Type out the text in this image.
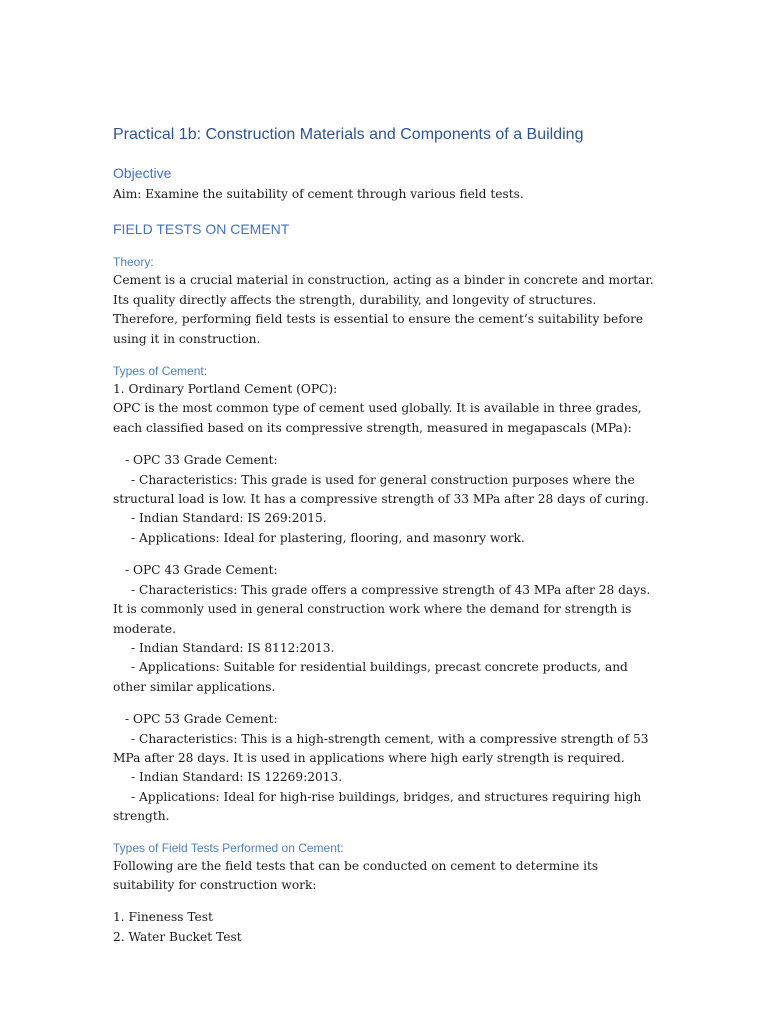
Practical 1b: Construction Materials and Components of a Building
Objective
Aim: Examine the suitability of cement through various field tests.
FIELD TESTS ON CEMENT
Theory:
Cement is a crucial material in construction, acting as a binder in concrete and mortar. Its quality directly affects the strength, durability, and longevity of structures. Therefore, performing field tests is essential to ensure the cement’s suitability before using it in construction.
Types of Cement:
1. Ordinary Portland Cement (OPC):
OPC is the most common type of cement used globally. It is available in three grades, each classified based on its compressive strength, measured in megapascals (MPa):
- OPC 33 Grade Cement:
- Characteristics: This grade is used for general construction purposes where the structural load is low. It has a compressive strength of 33 MPa after 28 days of curing.
- Indian Standard: IS 269:2015.
- Applications: Ideal for plastering, flooring, and masonry work.
- OPC 43 Grade Cement:
- Characteristics: This grade offers a compressive strength of 43 MPa after 28 days. It is commonly used in general construction work where the demand for strength is moderate.
- Indian Standard: IS 8112:2013.
- Applications: Suitable for residential buildings, precast concrete products, and other similar applications.
- OPC 53 Grade Cement:
- Characteristics: This is a high-strength cement, with a compressive strength of 53 MPa after 28 days. It is used in applications where high early strength is required.
- Indian Standard: IS 12269:2013.
- Applications: Ideal for high-rise buildings, bridges, and structures requiring high strength.
Types of Field Tests Performed on Cement:
Following are the field tests that can be conducted on cement to determine its suitability for construction work:
1. Fineness Test
2. Water Bucket Test
